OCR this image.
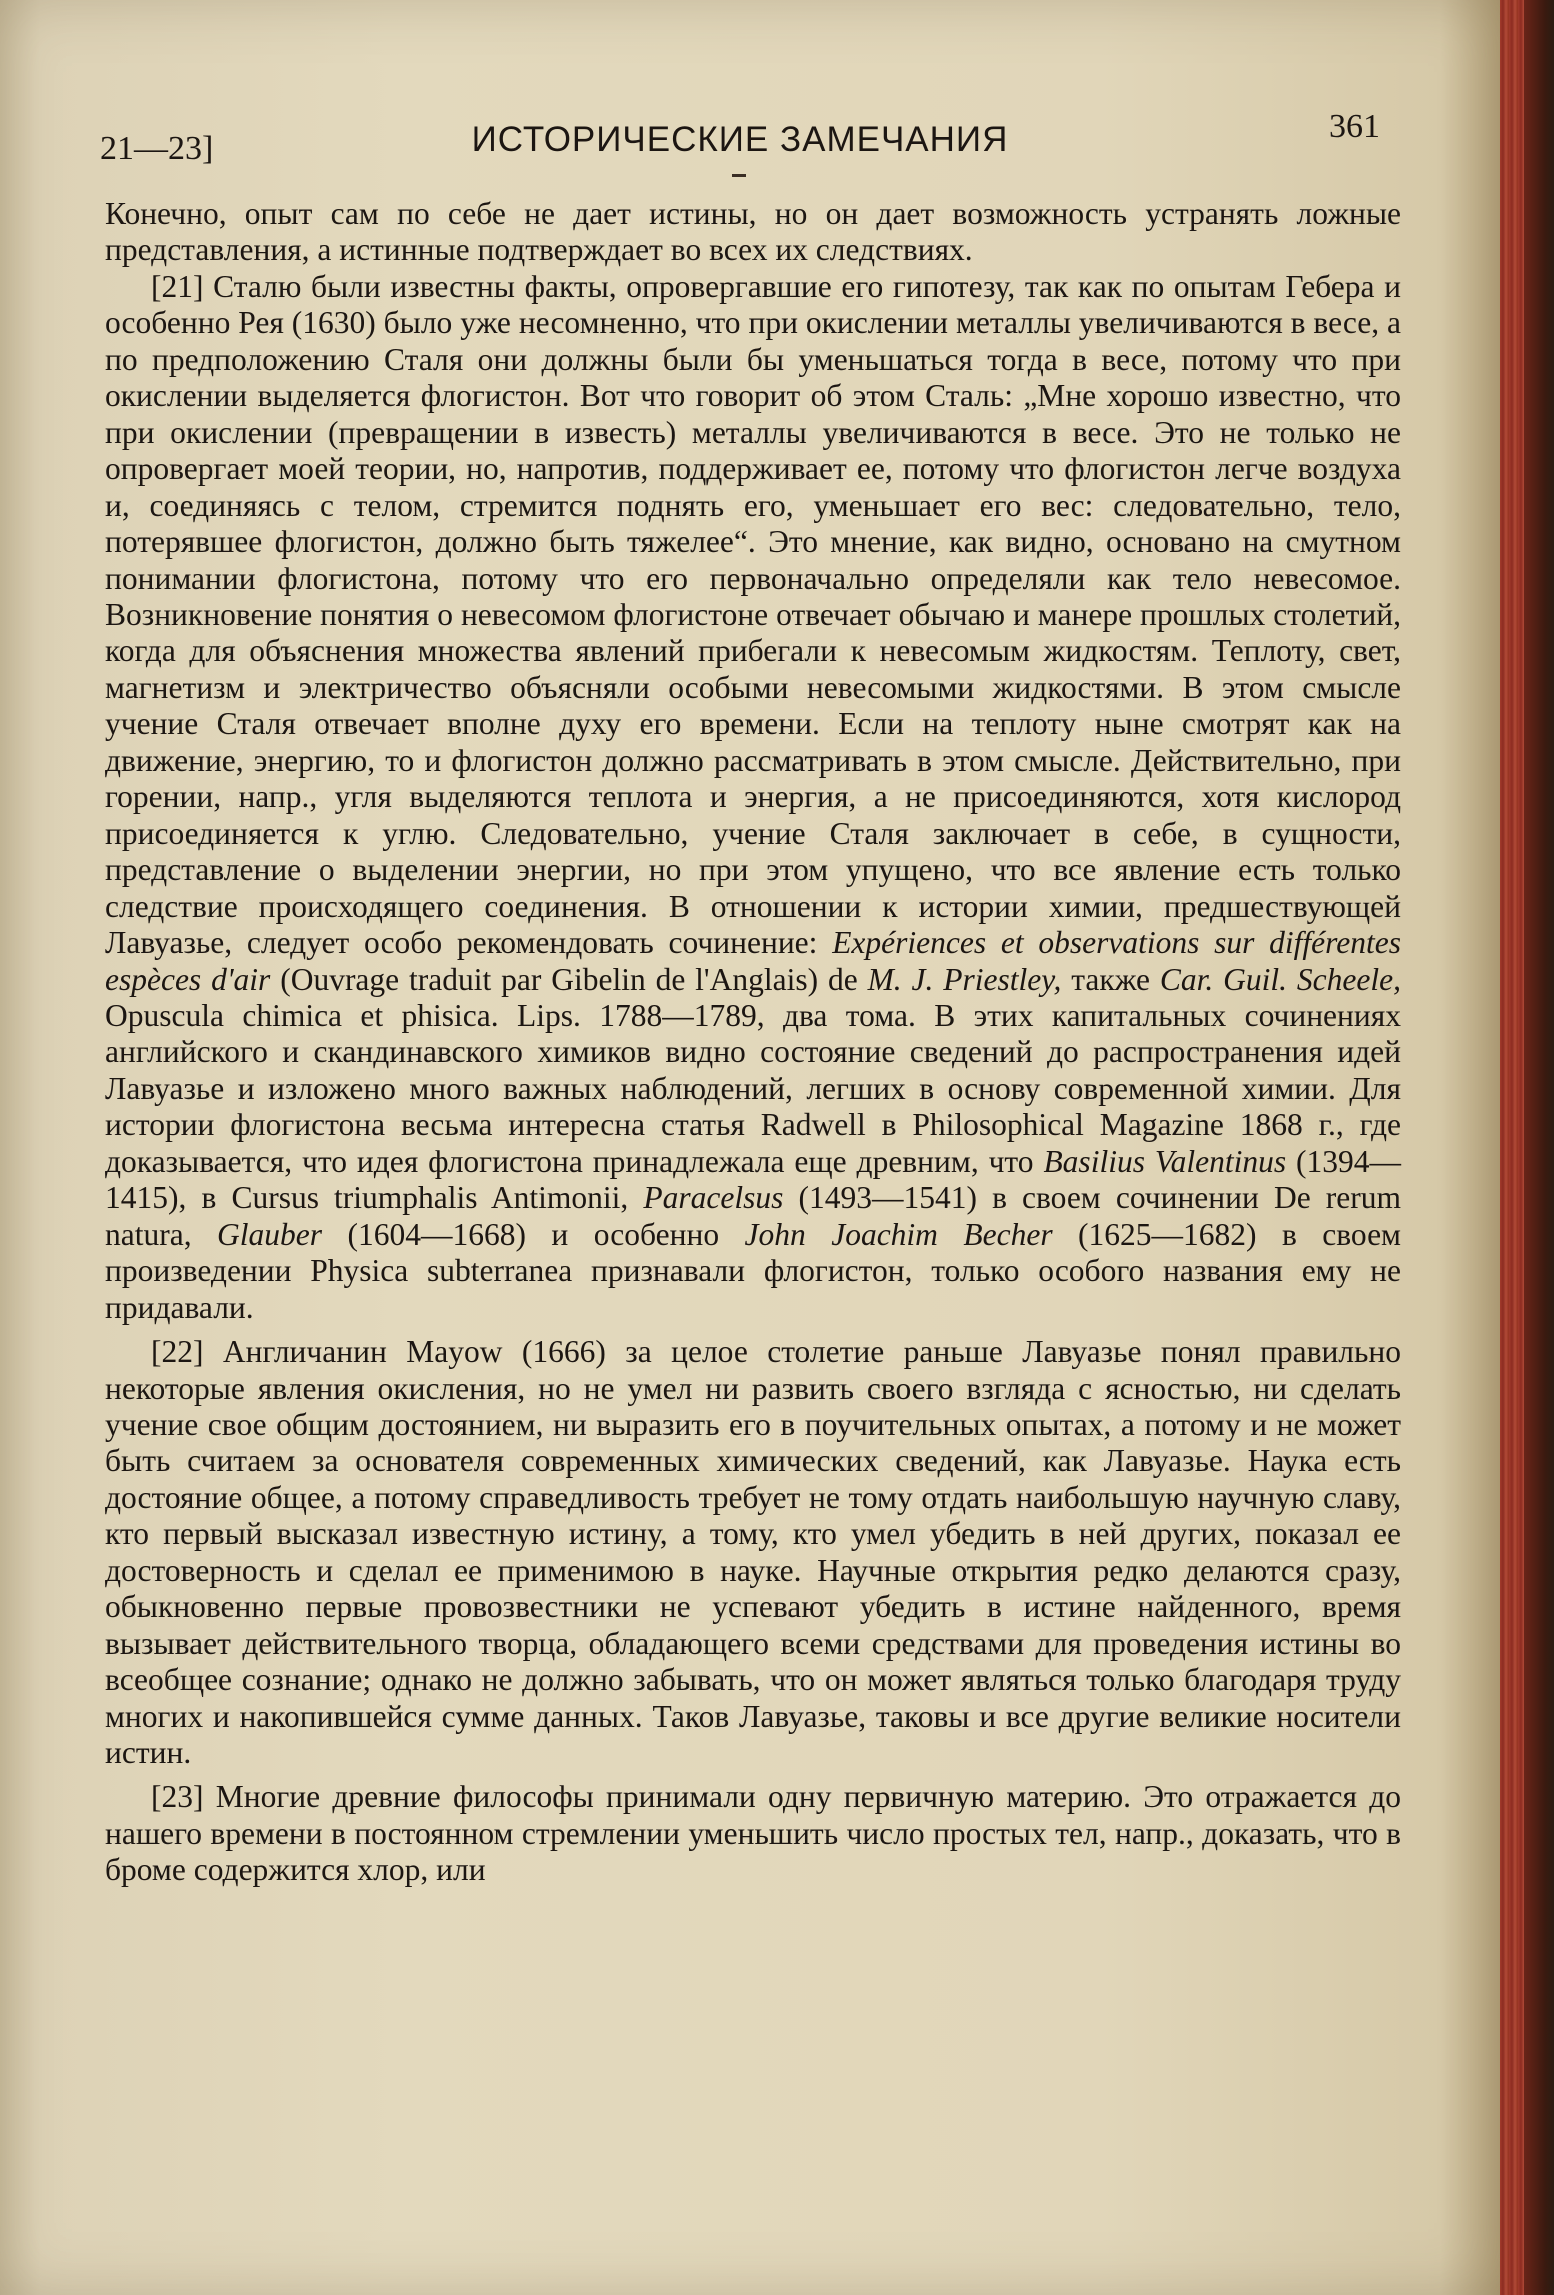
21—23]	ИСТОРИЧЕСКИЕ ЗАМЕЧАНИЯ	361

Конечно, опыт сам по себе не дает истины, но он дает возможность устранять ложные представления, а истинные подтверждает во всех их следствиях.

[21] Сталю были известны факты, опровергавшие его гипотезу, так как по опытам Гебера и особенно Рея (1630) было уже несомненно, что при окислении металлы увеличиваются в весе, а по предположению Сталя они должны были бы уменьшаться тогда в весе, потому что при окислении выделяется флогистон. Вот что говорит об этом Сталь: „Мне хорошо известно, что при окислении (превращении в известь) металлы увеличиваются в весе. Это не только не опровергает моей теории, но, напротив, поддерживает ее, потому что флогистон легче воздуха и, соединяясь с телом, стремится поднять его, уменьшает его вес: следовательно, тело, потерявшее флогистон, должно быть тяжелее“. Это мнение, как видно, основано на смутном понимании флогистона, потому что его первоначально определяли как тело невесомое. Возникновение понятия о невесомом флогистоне отвечает обычаю и манере прошлых столетий, когда для объяснения множества явлений прибегали к невесомым жидкостям. Теплоту, свет, магнетизм и электричество объясняли особыми невесомыми жидкостями. В этом смысле учение Сталя отвечает вполне духу его времени. Если на теплоту ныне смотрят как на движение, энергию, то и флогистон должно рассматривать в этом смысле. Действительно, при горении, напр., угля выделяются теплота и энергия, а не присоединяются, хотя кислород присоединяется к углю. Следовательно, учение Сталя заключает в себе, в сущности, представление о выделении энергии, но при этом упущено, что все явление есть только следствие происходящего соединения. В отношении к истории химии, предшествующей Лавуазье, следует особо рекомендовать сочинение: Expériences et observations sur différentes espèces d'air (Ouvrage traduit par Gibelin de l'Anglais) de M. J. Priestley, также Car. Guil. Scheele, Opuscula chimica et phisica. Lips. 1788—1789, два тома. В этих капитальных сочинениях английского и скандинавского химиков видно состояние сведений до распространения идей Лавуазье и изложено много важных наблюдений, легших в основу современной химии. Для истории флогистона весьма интересна статья Radwell в Philosophical Magazine 1868 г., где доказывается, что идея флогистона принадлежала еще древним, что Basilius Valentinus (1394—1415), в Cursus triumphalis Antimonii, Paracelsus (1493—1541) в своем сочинении De rerum natura, Glauber (1604—1668) и особенно John Joachim Becher (1625—1682) в своем произведении Physica subterranea признавали флогистон, только особого названия ему не придавали.

[22] Англичанин Mayow (1666) за целое столетие раньше Лавуазье понял правильно некоторые явления окисления, но не умел ни развить своего взгляда с ясностью, ни сделать учение свое общим достоянием, ни выразить его в поучительных опытах, а потому и не может быть считаем за основателя современных химических сведений, как Лавуазье. Наука есть достояние общее, а потому справедливость требует не тому отдать наибольшую научную славу, кто первый высказал известную истину, а тому, кто умел убедить в ней других, показал ее достоверность и сделал ее применимою в науке. Научные открытия редко делаются сразу, обыкновенно первые провозвестники не успевают убедить в истине найденного, время вызывает действительного творца, обладающего всеми средствами для проведения истины во всеобщее сознание; однако не должно забывать, что он может являться только благодаря труду многих и накопившейся сумме данных. Таков Лавуазье, таковы и все другие великие носители истин.

[23] Многие древние философы принимали одну первичную материю. Это отражается до нашего времени в постоянном стремлении уменьшить число простых тел, напр., доказать, что в броме содержится хлор, или
